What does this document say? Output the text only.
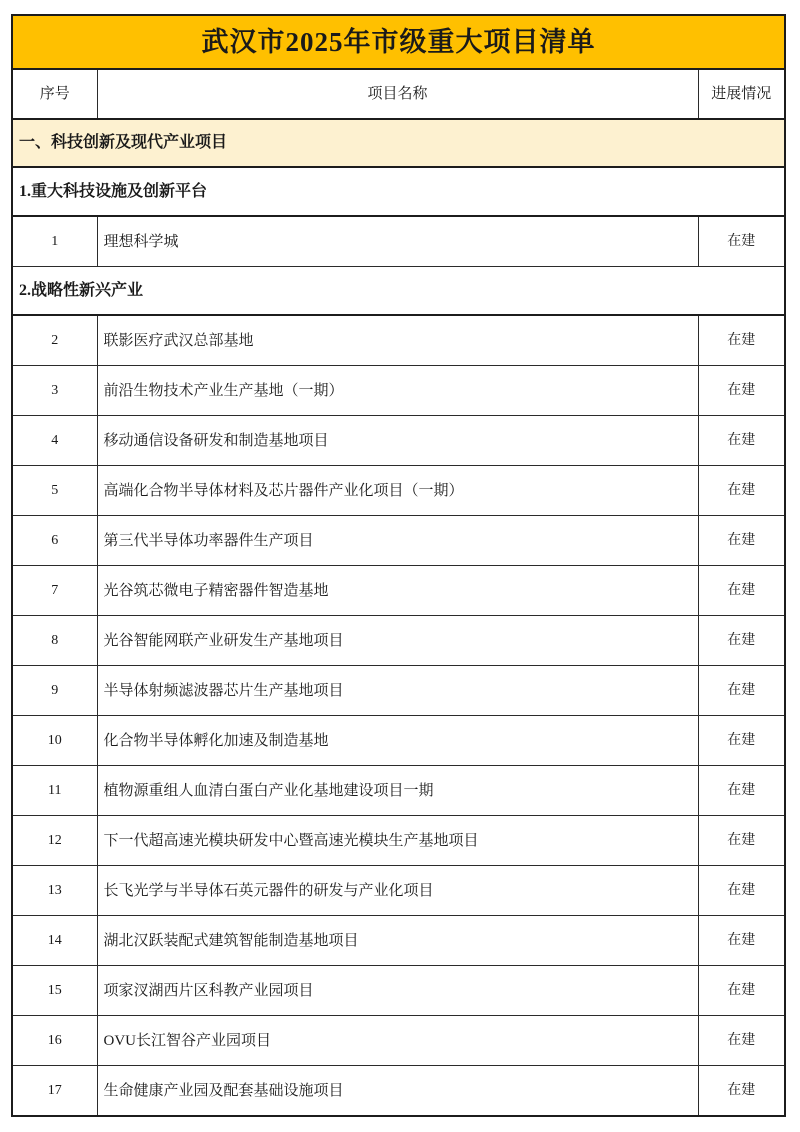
武汉市2025年市级重大项目清单		

序号	项目名称	进展情况

一、科技创新及现代产业项目		

1.重大科技设施及创新平台		

1	理想科学城	在建

2.战略性新兴产业		

2	联影医疗武汉总部基地	在建

3	前沿生物技术产业生产基地（一期）	在建

4	移动通信设备研发和制造基地项目	在建

5	高端化合物半导体材料及芯片器件产业化项目（一期）	在建

6	第三代半导体功率器件生产项目	在建

7	光谷筑芯微电子精密器件智造基地	在建

8	光谷智能网联产业研发生产基地项目	在建

9	半导体射频滤波器芯片生产基地项目	在建

10	化合物半导体孵化加速及制造基地	在建

11	植物源重组人血清白蛋白产业化基地建设项目一期	在建

12	下一代超高速光模块研发中心暨高速光模块生产基地项目	在建

13	长飞光学与半导体石英元器件的研发与产业化项目	在建

14	湖北汉跃装配式建筑智能制造基地项目	在建

15	项家汊湖西片区科教产业园项目	在建

16	OVU长江智谷产业园项目	在建

17	生命健康产业园及配套基础设施项目	在建
